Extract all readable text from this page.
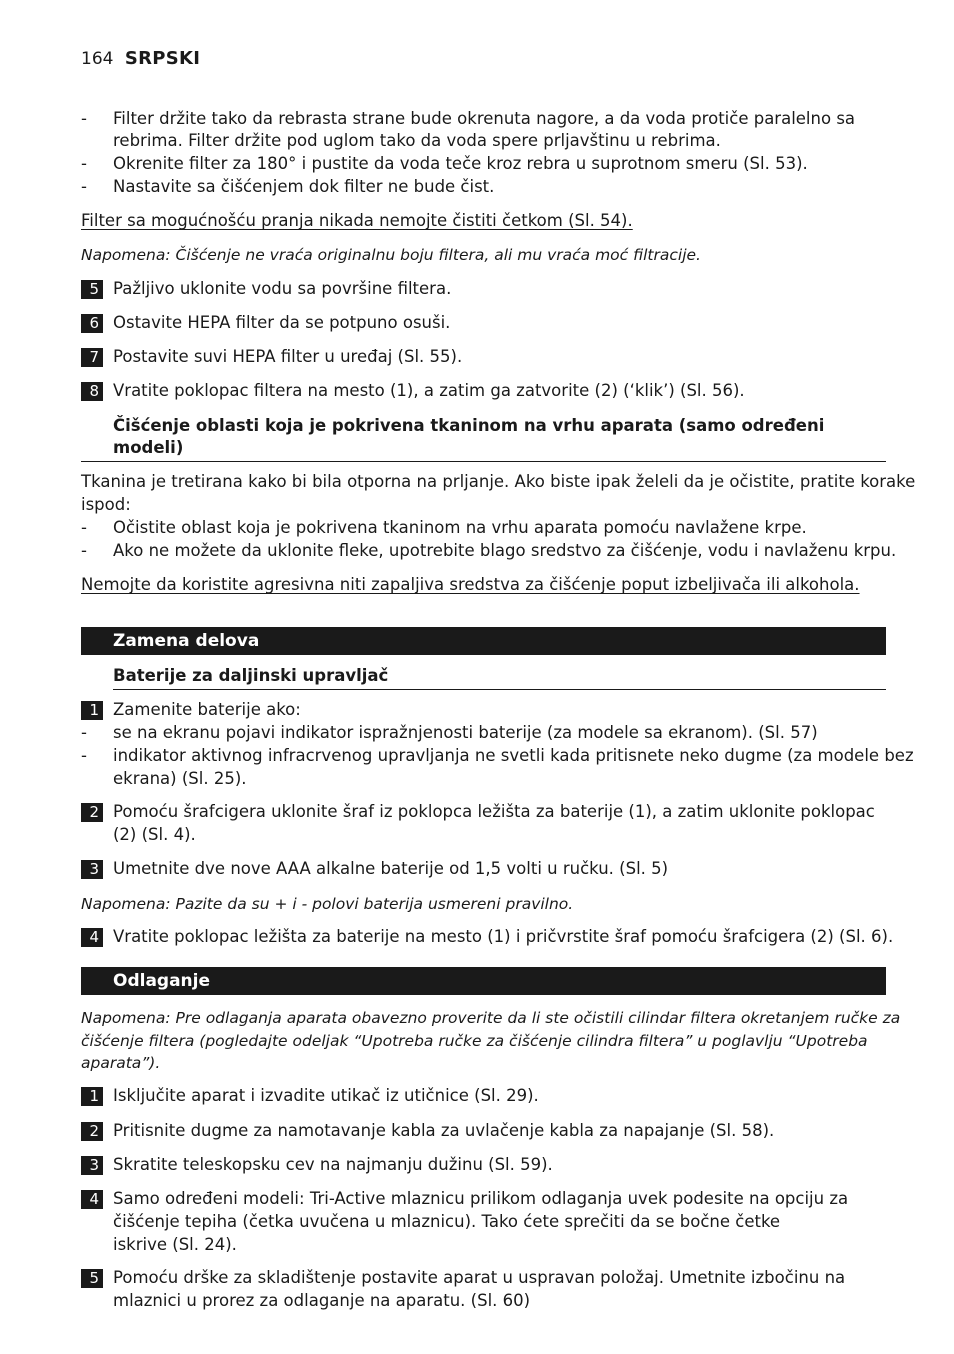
164 SRPSKI
- Filter držite tako da rebrasta strane bude okrenuta nagore, a da voda protiče paralelno sa
rebrima. Filter držite pod uglom tako da voda spere prljavštinu u rebrima.
- Okrenite filter za 180° i pustite da voda teče kroz rebra u suprotnom smeru (Sl. 53).
- Nastavite sa čišćenjem dok filter ne bude čist.
Filter sa mogućnošću pranja nikada nemojte čistiti četkom (Sl. 54).
Napomena: Čišćenje ne vraća originalnu boju filtera, ali mu vraća moć filtracije.
5 Pažljivo uklonite vodu sa površine filtera.
6 Ostavite HEPA filter da se potpuno osuši.
7 Postavite suvi HEPA filter u uređaj (Sl. 55).
8 Vratite poklopac filtera na mesto (1), a zatim ga zatvorite (2) (‘klik’) (Sl. 56).
Čišćenje oblasti koja je pokrivena tkaninom na vrhu aparata (samo određeni
modeli)
Tkanina je tretirana kako bi bila otporna na prljanje. Ako biste ipak želeli da je očistite, pratite korake
ispod:
- Očistite oblast koja je pokrivena tkaninom na vrhu aparata pomoću navlažene krpe.
- Ako ne možete da uklonite fleke, upotrebite blago sredstvo za čišćenje, vodu i navlaženu krpu.
Nemojte da koristite agresivna niti zapaljiva sredstva za čišćenje poput izbeljivača ili alkohola.
Zamena delova
Baterije za daljinski upravljač
1 Zamenite baterije ako:
- se na ekranu pojavi indikator ispražnjenosti baterije (za modele sa ekranom). (Sl. 57)
- indikator aktivnog infracrvenog upravljanja ne svetli kada pritisnete neko dugme (za modele bez
ekrana) (Sl. 25).
2 Pomoću šrafcigera uklonite šraf iz poklopca ležišta za baterije (1), a zatim uklonite poklopac
(2) (Sl. 4).
3 Umetnite dve nove AAA alkalne baterije od 1,5 volti u ručku. (Sl. 5)
Napomena: Pazite da su + i - polovi baterija usmereni pravilno.
4 Vratite poklopac ležišta za baterije na mesto (1) i pričvrstite šraf pomoću šrafcigera (2) (Sl. 6).
Odlaganje
Napomena: Pre odlaganja aparata obavezno proverite da li ste očistili cilindar filtera okretanjem ručke za
čišćenje filtera (pogledajte odeljak “Upotreba ručke za čišćenje cilindra filtera” u poglavlju “Upotreba
aparata”).
1 Isključite aparat i izvadite utikač iz utičnice (Sl. 29).
2 Pritisnite dugme za namotavanje kabla za uvlačenje kabla za napajanje (Sl. 58).
3 Skratite teleskopsku cev na najmanju dužinu (Sl. 59).
4 Samo određeni modeli: Tri-Active mlaznicu prilikom odlaganja uvek podesite na opciju za
čišćenje tepiha (četka uvučena u mlaznicu). Tako ćete sprečiti da se bočne četke
iskrive (Sl. 24).
5 Pomoću drške za skladištenje postavite aparat u uspravan položaj. Umetnite izbočinu na
mlaznici u prorez za odlaganje na aparatu. (Sl. 60)
